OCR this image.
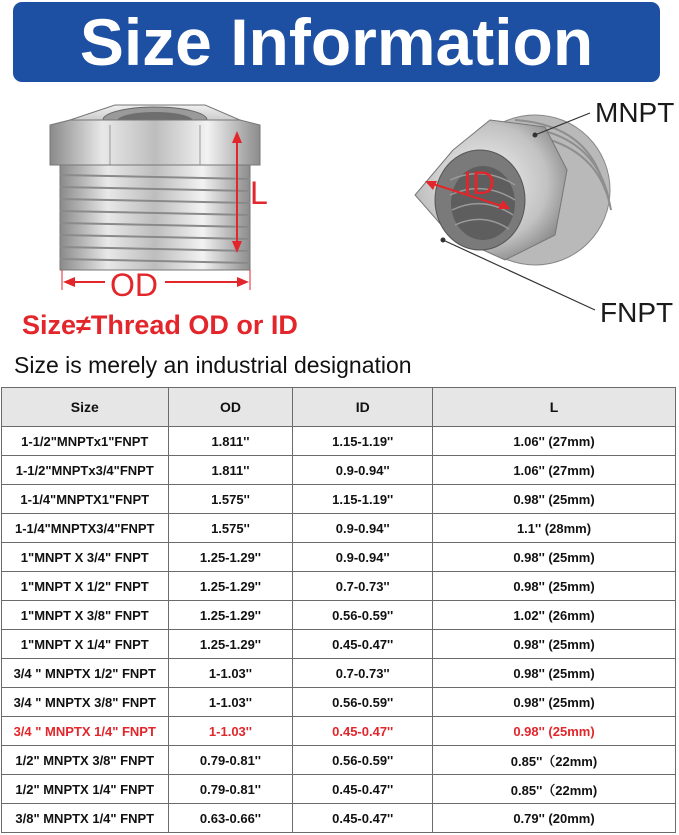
Size Information
L
OD
ID
MNPT
FNPT
Size≠Thread OD or ID
Size is merely an industrial designation
Size	OD	ID	L
1-1/2"MNPTx1"FNPT	1.811''	1.15-1.19''	1.06'' (27mm)
1-1/2"MNPTx3/4"FNPT	1.811''	0.9-0.94''	1.06'' (27mm)
1-1/4"MNPTX1"FNPT	1.575''	1.15-1.19''	0.98'' (25mm)
1-1/4"MNPTX3/4"FNPT	1.575''	0.9-0.94''	1.1'' (28mm)
1"MNPT X 3/4" FNPT	1.25-1.29''	0.9-0.94''	0.98'' (25mm)
1"MNPT X 1/2" FNPT	1.25-1.29''	0.7-0.73''	0.98'' (25mm)
1"MNPT X 3/8" FNPT	1.25-1.29''	0.56-0.59''	1.02'' (26mm)
1"MNPT X 1/4" FNPT	1.25-1.29''	0.45-0.47''	0.98'' (25mm)
3/4 " MNPTX 1/2" FNPT	1-1.03''	0.7-0.73''	0.98'' (25mm)
3/4 " MNPTX 3/8" FNPT	1-1.03''	0.56-0.59''	0.98'' (25mm)
3/4 " MNPTX 1/4" FNPT	1-1.03''	0.45-0.47''	0.98'' (25mm)
1/2" MNPTX 3/8" FNPT	0.79-0.81''	0.56-0.59''	0.85''（22mm)
1/2" MNPTX 1/4" FNPT	0.79-0.81''	0.45-0.47''	0.85''（22mm)
3/8" MNPTX 1/4" FNPT	0.63-0.66''	0.45-0.47''	0.79'' (20mm)
